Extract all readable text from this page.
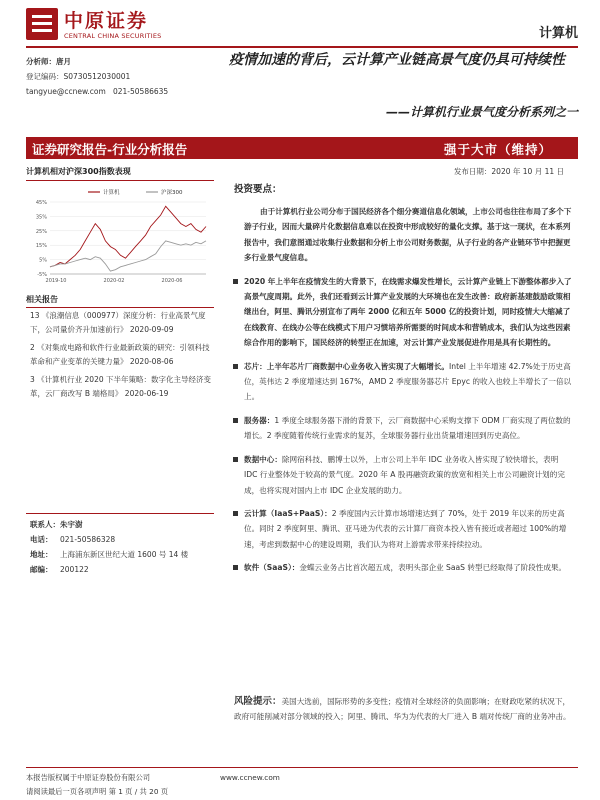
中原证券
CENTRAL CHINA SECURITIES	计算机
分析师：唐月
登记编码：S0730512030001
tangyue@ccnew.com 021-50586635
疫情加速的背后，云计算产业链高景气度仍具可持续性
——计算机行业景气度分析系列之一
证券研究报告-行业分析报告	强于大市（维持）
计算机相对沪深300指数表现	发布日期：2020 年 10 月 11 日
-5%
5%
15%
25%
35%
45%
2019-10	2020-02	2020-06
计算机	沪深300
相关报告
13 《浪潮信息（000977）深度分析：行业高景气度下，公司量价齐升加速前行》 2020-09-09
2 《对集成电路和软件行业最新政策的研究：引领科技革命和产业变革的关键力量》 2020-08-06
3 《计算机行业 2020 下半年策略：数字化主导经济变革，云厂商改写 B 端格局》 2020-06-19
联系人： 朱宇澍
电话：	021-50586328
地址：	上海浦东新区世纪大道 1600 号 14 楼
邮编：	200122
投资要点：
由于计算机行业公司分布于国民经济各个细分赛道信息化领域，上市公司也往往布局了多个下游子行业，因而大量碎片化数据信息难以在投资中形成较好的量化支撑。基于这一现状，在本系列报告中，我们意图通过收集行业数据和分析上市公司财务数据，从子行业的各产业链环节中把握更多行业景气度信息。
2020 年上半年在疫情发生的大背景下，在线需求爆发性增长，云计算产业链上下游整体都步入了高景气度周期。此外，我们还看到云计算产业发展的大环境也在发生改善：政府新基建鼓励政策相继出台，阿里、腾讯分别宣布了两年 2000 亿和五年 5000 亿的投资计划，同时疫情大大缩减了在线教育、在线办公等在线模式下用户习惯培养所需要的时间成本和营销成本，我们认为这些因素综合作用的影响下，国民经济的转型正在加速，对云计算产业发展促进作用是具有长期性的。
芯片：上半年芯片厂商数据中心业务收入皆实现了大幅增长。Intel 上半年增速 42.7%处于历史高位，英伟达 2 季度增速达到 167%，AMD 2 季度服务器芯片 Epyc 的收入也较上半增长了一倍以上。
服务器：1 季度全球服务器下滑的背景下，云厂商数据中心采购支撑下 ODM 厂商实现了两位数的增长。2 季度随着传统行业需求的复苏，全球服务器行业出货量增速回到历史高位。
数据中心：除网宿科技、鹏博士以外，上市公司上半年 IDC 业务收入皆实现了较快增长，表明 IDC 行业整体处于较高的景气度。2020 年 A 股再融资政策的放宽和相关上市公司融资计划的完成，也将实现对国内上市 IDC 企业发展的助力。
云计算（IaaS+PaaS）：2 季度国内云计算市场增速达到了 70%，处于 2019 年以来的历史高位。同时 2 季度阿里、腾讯、亚马逊为代表的云计算厂商资本投入皆有接近或者超过 100%的增速，考虑到数据中心的建设周期，我们认为将对上游需求带来持续拉动。
软件（SaaS）：金蝶云业务占比首次超五成，表明头部企业 SaaS 转型已经取得了阶段性成果。
风险提示：美国大选前，国际形势的多变性；疫情对全球经济的负面影响；在财政吃紧的状况下，政府可能削减对部分领域的投入；阿里、腾讯、华为为代表的大厂进入 B 端对传统厂商的业务冲击。
本报告版权属于中原证券股份有限公司	www.ccnew.com
请阅读最后一页各项声明 第 1 页 / 共 20 页
